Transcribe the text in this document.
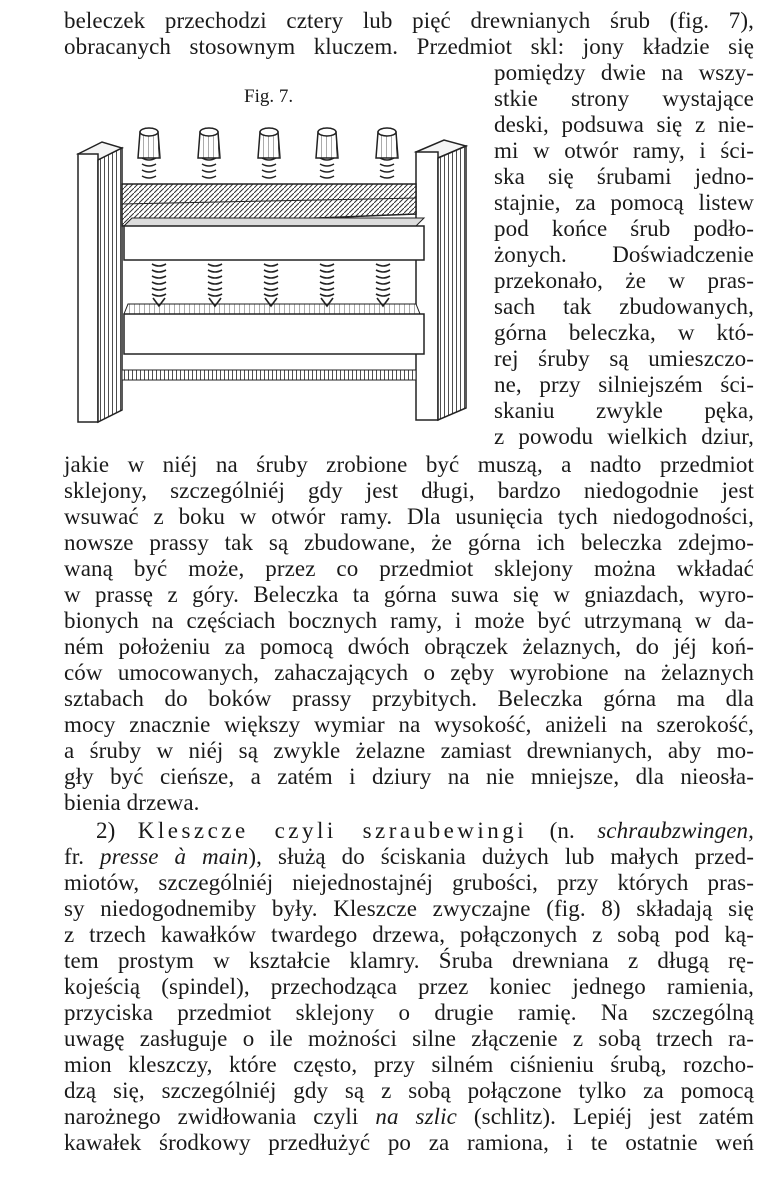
beleczek przechodzi cztery lub pięć drewnianych śrub (fig. 7),
obracanych stosownym kluczem. Przedmiot skl: jony kładzie się
Fig. 7.
pomiędzy dwie na wszy-
stkie strony wystające
deski, podsuwa się z nie-
mi w otwór ramy, i ści-
ska się śrubami jedno-
stajnie, za pomocą listew
pod końce śrub podło-
żonych. Doświadczenie
przekonało, że w pras-
sach tak zbudowanych,
górna beleczka, w któ-
rej śruby są umieszczo-
ne, przy silniejszém ści-
skaniu zwykle pęka,
z powodu wielkich dziur,
jakie w niéj na śruby zrobione być muszą, a nadto przedmiot
sklejony, szczególniéj gdy jest długi, bardzo niedogodnie jest
wsuwać z boku w otwór ramy. Dla usunięcia tych niedogodności,
nowsze prassy tak są zbudowane, że górna ich beleczka zdejmo-
waną być może, przez co przedmiot sklejony można wkładać
w prassę z góry. Beleczka ta górna suwa się w gniazdach, wyro-
bionych na częściach bocznych ramy, i może być utrzymaną w da-
ném położeniu za pomocą dwóch obrączek żelaznych, do jéj koń-
ców umocowanych, zahaczających o zęby wyrobione na żelaznych
sztabach do boków prassy przybitych. Beleczka górna ma dla
mocy znacznie większy wymiar na wysokość, aniżeli na szerokość,
a śruby w niéj są zwykle żelazne zamiast drewnianych, aby mo-
gły być cieńsze, a zatém i dziury na nie mniejsze, dla nieosła-
bienia drzewa.
2) Kleszcze czyli szraubewingi (n. schraubzwingen,
fr. presse à main), służą do ściskania dużych lub małych przed-
miotów, szczególniéj niejednostajnéj grubości, przy których pras-
sy niedogodnemiby były. Kleszcze zwyczajne (fig. 8) składają się
z trzech kawałków twardego drzewa, połączonych z sobą pod ką-
tem prostym w kształcie klamry. Śruba drewniana z długą rę-
kojeścią (spindel), przechodząca przez koniec jednego ramienia,
przyciska przedmiot sklejony o drugie ramię. Na szczególną
uwagę zasługuje o ile możności silne złączenie z sobą trzech ra-
mion kleszczy, które często, przy silném ciśnieniu śrubą, rozcho-
dzą się, szczególniéj gdy są z sobą połączone tylko za pomocą
narożnego zwidłowania czyli na szlic (schlitz). Lepiéj jest zatém
kawałek środkowy przedłużyć po za ramiona, i te ostatnie weń
